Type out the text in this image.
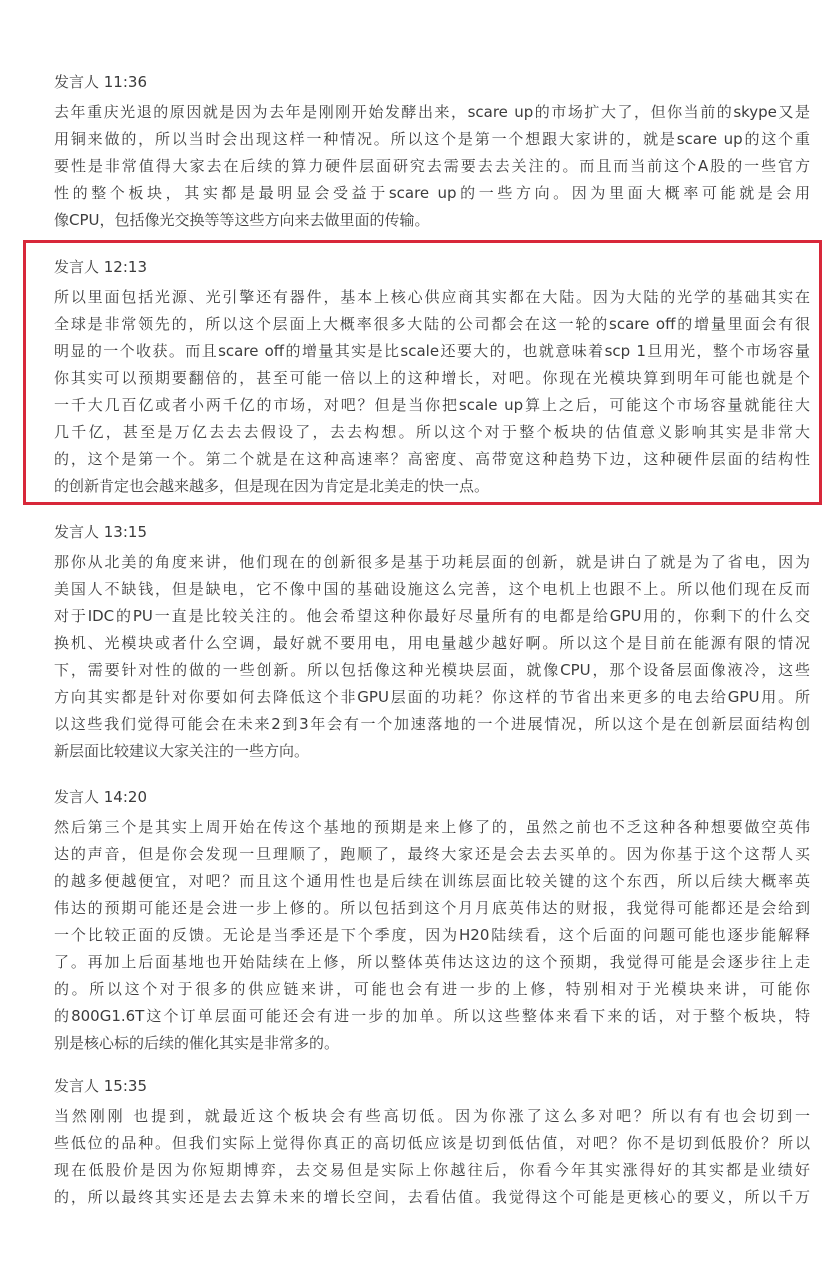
发言人 11:36
去年重庆光退的原因就是因为去年是刚刚开始发酵出来，scare up的市场扩大了，但你当前的skype又是
用铜来做的，所以当时会出现这样一种情况。所以这个是第一个想跟大家讲的，就是scare up的这个重
要性是非常值得大家去在后续的算力硬件层面研究去需要去去关注的。而且而当前这个A股的一些官方
性的整个板块，其实都是最明显会受益于scare up的一些方向。因为里面大概率可能就是会用
像CPU，包括像光交换等等这些方向来去做里面的传输。
发言人 12:13
所以里面包括光源、光引擎还有器件，基本上核心供应商其实都在大陆。因为大陆的光学的基础其实在
全球是非常领先的，所以这个层面上大概率很多大陆的公司都会在这一轮的scare off的增量里面会有很
明显的一个收获。而且scare off的增量其实是比scale还要大的，也就意味着scp 1旦用光，整个市场容量
你其实可以预期要翻倍的，甚至可能一倍以上的这种增长，对吧。你现在光模块算到明年可能也就是个
一千大几百亿或者小两千亿的市场，对吧？但是当你把scale up算上之后，可能这个市场容量就能往大
几千亿，甚至是万亿去去去假设了，去去构想。所以这个对于整个板块的估值意义影响其实是非常大
的，这个是第一个。第二个就是在这种高速率？高密度、高带宽这种趋势下边，这种硬件层面的结构性
的创新肯定也会越来越多，但是现在因为肯定是北美走的快一点。
发言人 13:15
那你从北美的角度来讲，他们现在的创新很多是基于功耗层面的创新，就是讲白了就是为了省电，因为
美国人不缺钱，但是缺电，它不像中国的基础设施这么完善，这个电机上也跟不上。所以他们现在反而
对于IDC的PU一直是比较关注的。他会希望这种你最好尽量所有的电都是给GPU用的，你剩下的什么交
换机、光模块或者什么空调，最好就不要用电，用电量越少越好啊。所以这个是目前在能源有限的情况
下，需要针对性的做的一些创新。所以包括像这种光模块层面，就像CPU，那个设备层面像液冷，这些
方向其实都是针对你要如何去降低这个非GPU层面的功耗？你这样的节省出来更多的电去给GPU用。所
以这些我们觉得可能会在未来2到3年会有一个加速落地的一个进展情况，所以这个是在创新层面结构创
新层面比较建议大家关注的一些方向。
发言人 14:20
然后第三个是其实上周开始在传这个基地的预期是来上修了的，虽然之前也不乏这种各种想要做空英伟
达的声音，但是你会发现一旦理顺了，跑顺了，最终大家还是会去去买单的。因为你基于这个这帮人买
的越多便越便宜，对吧？而且这个通用性也是后续在训练层面比较关键的这个东西，所以后续大概率英
伟达的预期可能还是会进一步上修的。所以包括到这个月月底英伟达的财报，我觉得可能都还是会给到
一个比较正面的反馈。无论是当季还是下个季度，因为H20陆续看，这个后面的问题可能也逐步能解释
了。再加上后面基地也开始陆续在上修，所以整体英伟达这边的这个预期，我觉得可能是会逐步往上走
的。所以这个对于很多的供应链来讲，可能也会有进一步的上修，特别相对于光模块来讲，可能你
的800G1.6T这个订单层面可能还会有进一步的加单。所以这些整体来看下来的话，对于整个板块，特
别是核心标的后续的催化其实是非常多的。
发言人 15:35
当然刚刚 也提到，就最近这个板块会有些高切低。因为你涨了这么多对吧？所以有有也会切到一
些低位的品种。但我们实际上觉得你真正的高切低应该是切到低估值，对吧？你不是切到低股价？所以
现在低股价是因为你短期博弈，去交易但是实际上你越往后，你看今年其实涨得好的其实都是业绩好
的，所以最终其实还是去去算未来的增长空间，去看估值。我觉得这个可能是更核心的要义，所以千万
